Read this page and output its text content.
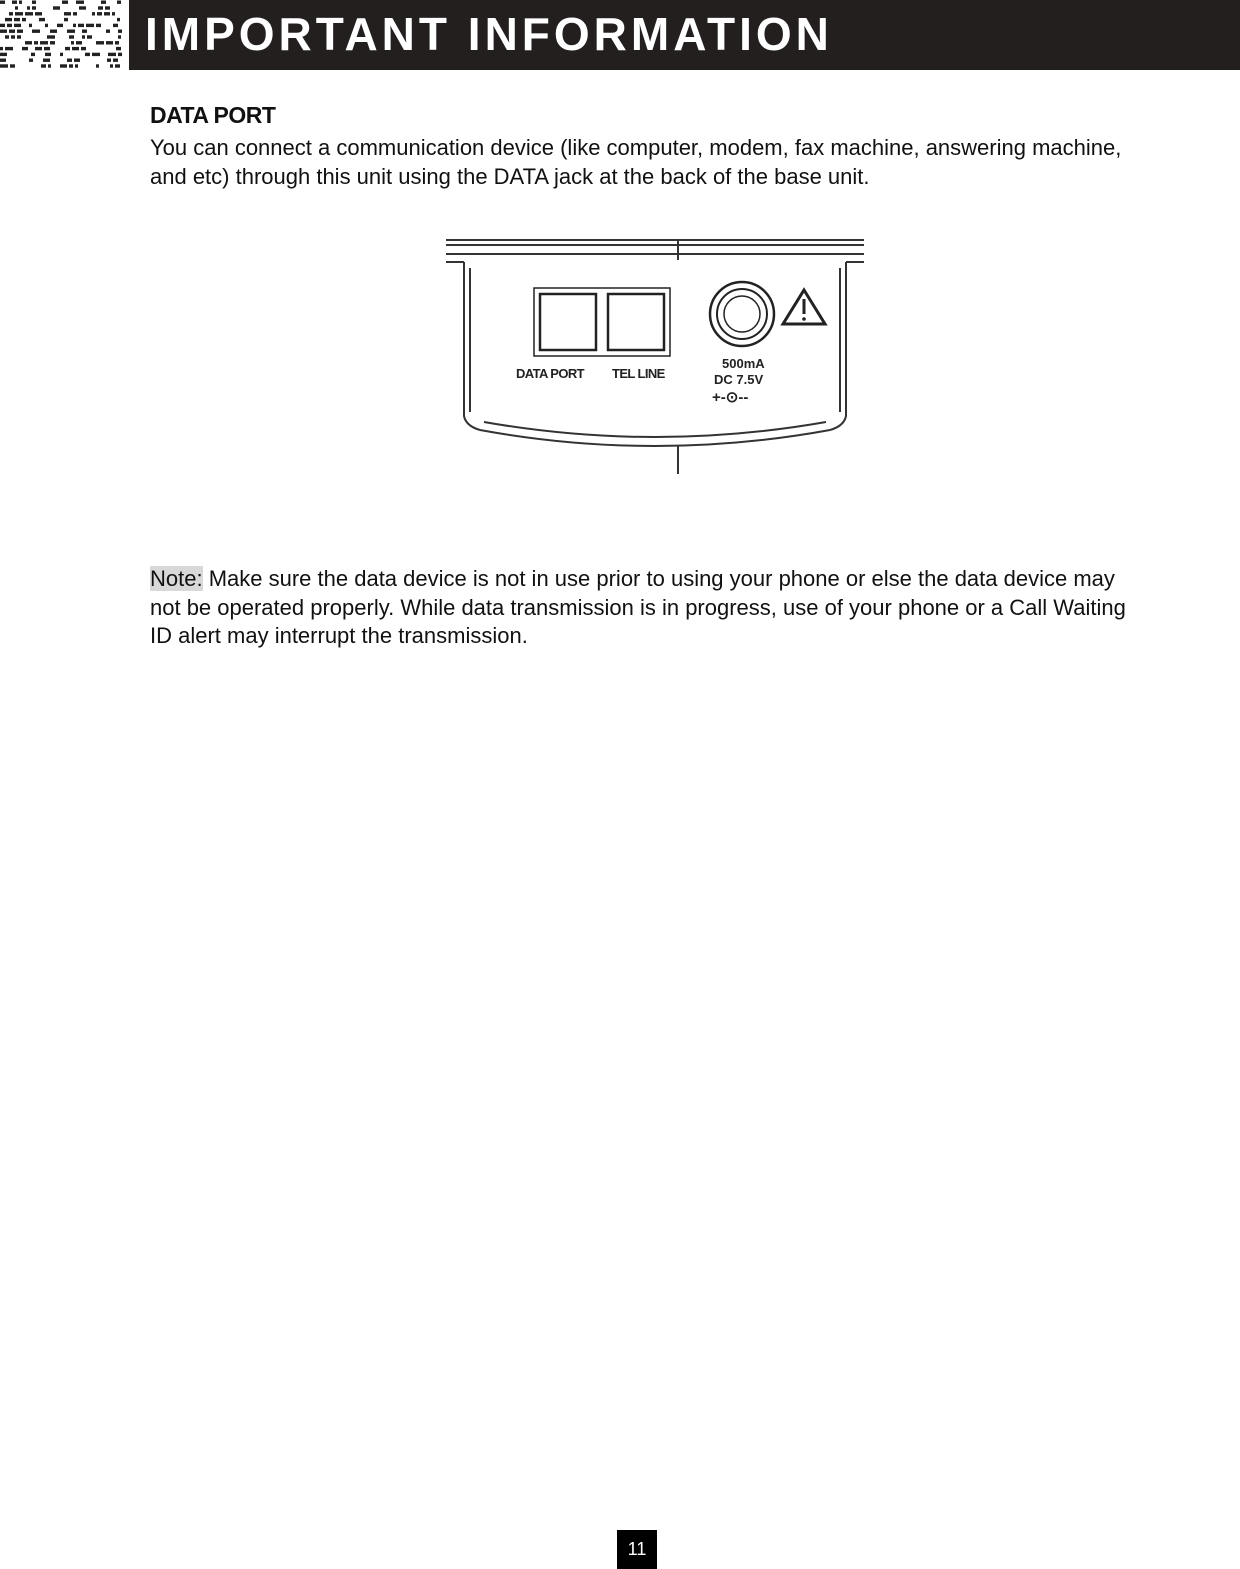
IMPORTANT INFORMATION
DATA PORT

You can connect a communication device (like computer, modem, fax machine, answering machine, and etc) through this unit using the DATA jack at the back of the base unit.

DATA PORT TEL LINE
500mA
DC 7.5V
+-⊙--

Note: Make sure the data device is not in use prior to using your phone or else the data device may not be operated properly. While data transmission is in progress, use of your phone or a Call Waiting ID alert may interrupt the transmission.

11
